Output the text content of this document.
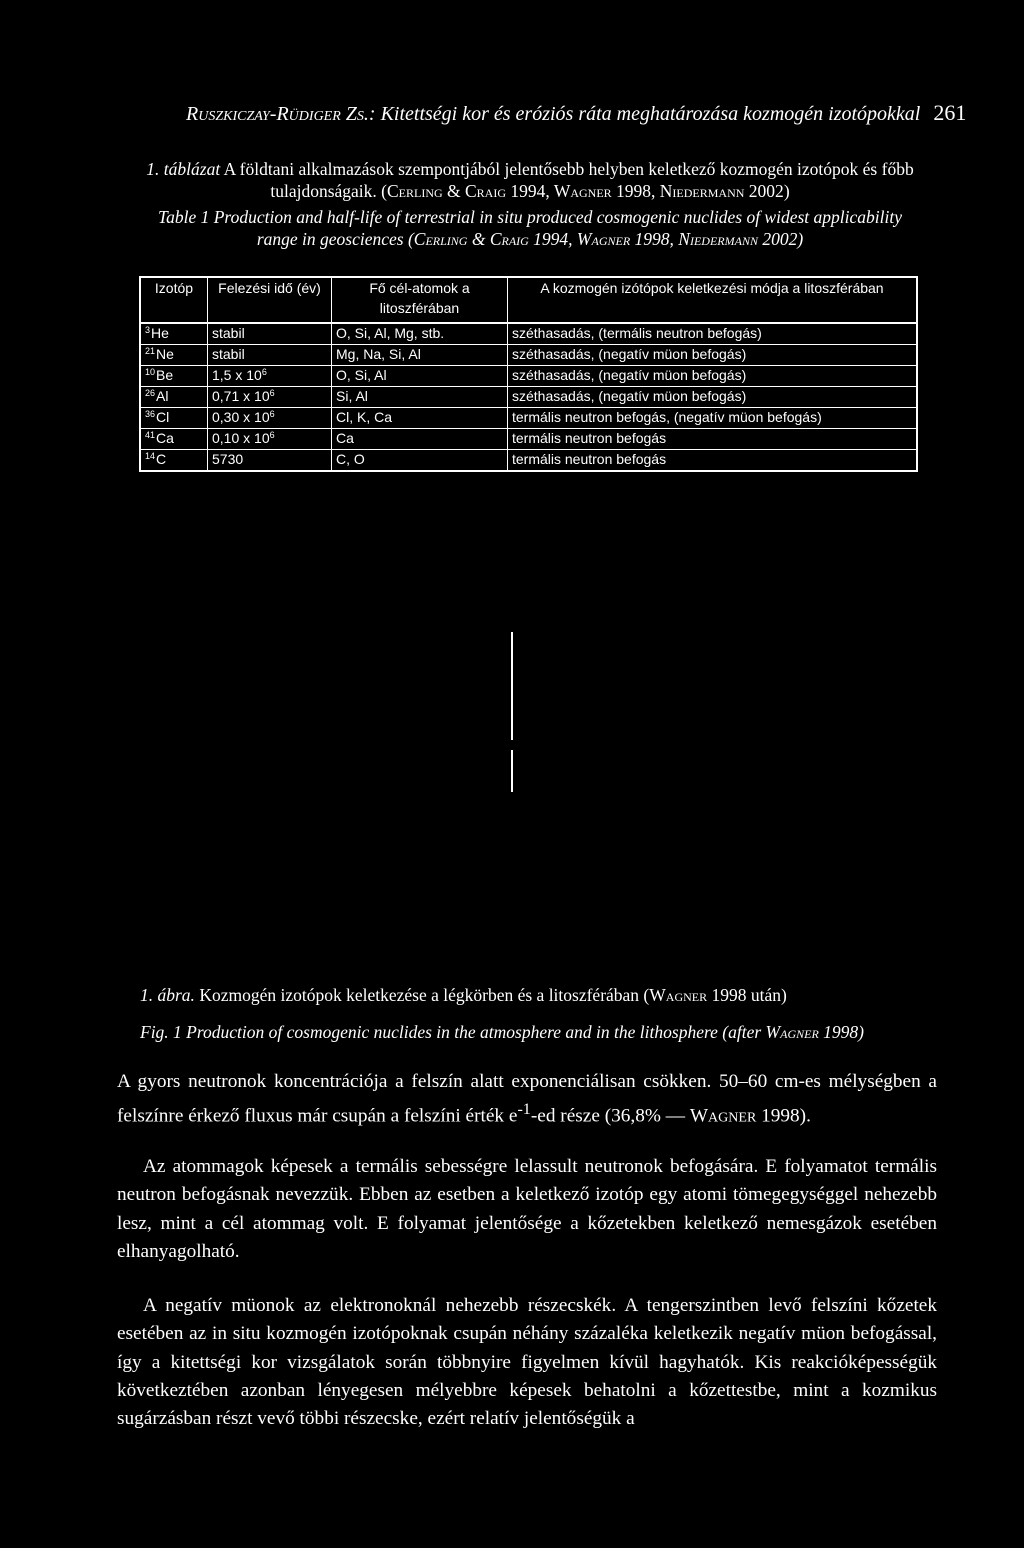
Ruszkiczay-Rüdiger Zs.: Kitettségi kor és eróziós ráta meghatározása kozmogén izotópokkal 261
1. táblázat A földtani alkalmazások szempontjából jelentősebb helyben keletkező kozmogén izotópok és főbb tulajdonságaik. (Cerling & Craig 1994, Wagner 1998, Niedermann 2002)
Table 1 Production and half-life of terrestrial in situ produced cosmogenic nuclides of widest applicability range in geosciences (Cerling & Craig 1994, Wagner 1998, Niedermann 2002)
Izotóp	Felezési idő (év)	Fő cél-atomok a litoszférában	A kozmogén izótópok keletkezési módja a litoszférában
$^3$He	stabil	O, Si, Al, Mg, stb.	széthasadás, (termális neutron befogás)
$^{21}$Ne	stabil	Mg, Na, Si, Al	széthasadás, (negatív müon befogás)
$^{10}$Be	1,5 x $10^6$	O, Si, Al	széthasadás, (negatív müon befogás)
$^{26}$Al	0,71 x $10^6$	Si, Al	széthasadás, (negatív müon befogás)
$^{36}$Cl	0,30 x $10^6$	Cl, K, Ca	termális neutron befogás, (negatív müon befogás)
$^{41}$Ca	0,10 x $10^6$	Ca	termális neutron befogás
$^{14}$C	5730	C, O	termális neutron befogás
1. ábra. Kozmogén izotópok keletkezése a légkörben és a litoszférában (Wagner 1998 után)
Fig. 1 Production of cosmogenic nuclides in the atmosphere and in the lithosphere (after Wagner 1998)

A gyors neutronok koncentrációja a felszín alatt exponenciálisan csökken. 50–60 cm-es mélységben a felszínre érkező fluxus már csupán a felszíni érték $e^{-1}-ed$ része (36,8% — Wagner 1998).

Az atommagok képesek a termális sebességre lelassult neutronok befogására. E folyamatot termális neutron befogásnak nevezzük. Ebben az esetben a keletkező izotóp egy atomi tömegegységgel nehezebb lesz, mint a cél atommag volt. E folyamat jelentősége a kőzetekben keletkező nemesgázok esetében elhanyagolható.

A negatív müonok az elektronoknál nehezebb részecskék. A tengerszintben levő felszíni kőzetek esetében az in situ kozmogén izotópoknak csupán néhány százaléka keletkezik negatív müon befogással, így a kitettségi kor vizsgálatok során többnyire figyelmen kívül hagyhatók. Kis reakcióképességük következtében azonban lényegesen mélyebbre képesek behatolni a kőzettestbe, mint a kozmikus sugárzásban részt vevő többi részecske, ezért relatív jelentőségük a
